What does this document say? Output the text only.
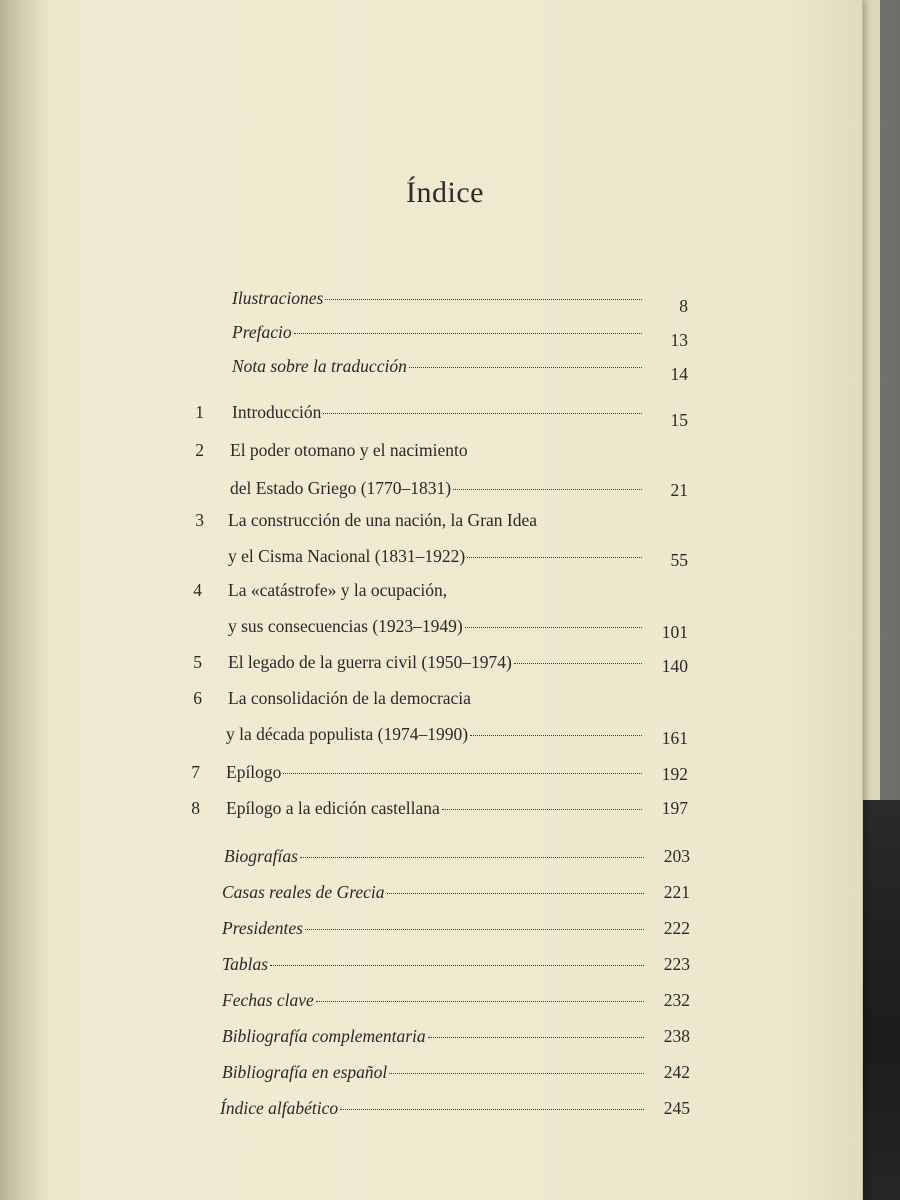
Índice
Ilustraciones	8
Prefacio	13
Nota sobre la traducción	14
1 Introducción	15
2 El poder otomano y el nacimiento
del Estado Griego (1770–1831)	21
3 La construcción de una nación, la Gran Idea
y el Cisma Nacional (1831–1922)	55
4 La «catástrofe» y la ocupación,
y sus consecuencias (1923–1949)	101
5 El legado de la guerra civil (1950–1974)	140
6 La consolidación de la democracia
y la década populista (1974–1990)	161
7 Epílogo	192
8 Epílogo a la edición castellana	197
Biografías	203
Casas reales de Grecia	221
Presidentes	222
Tablas	223
Fechas clave	232
Bibliografía complementaria	238
Bibliografía en español	242
Índice alfabético	245
